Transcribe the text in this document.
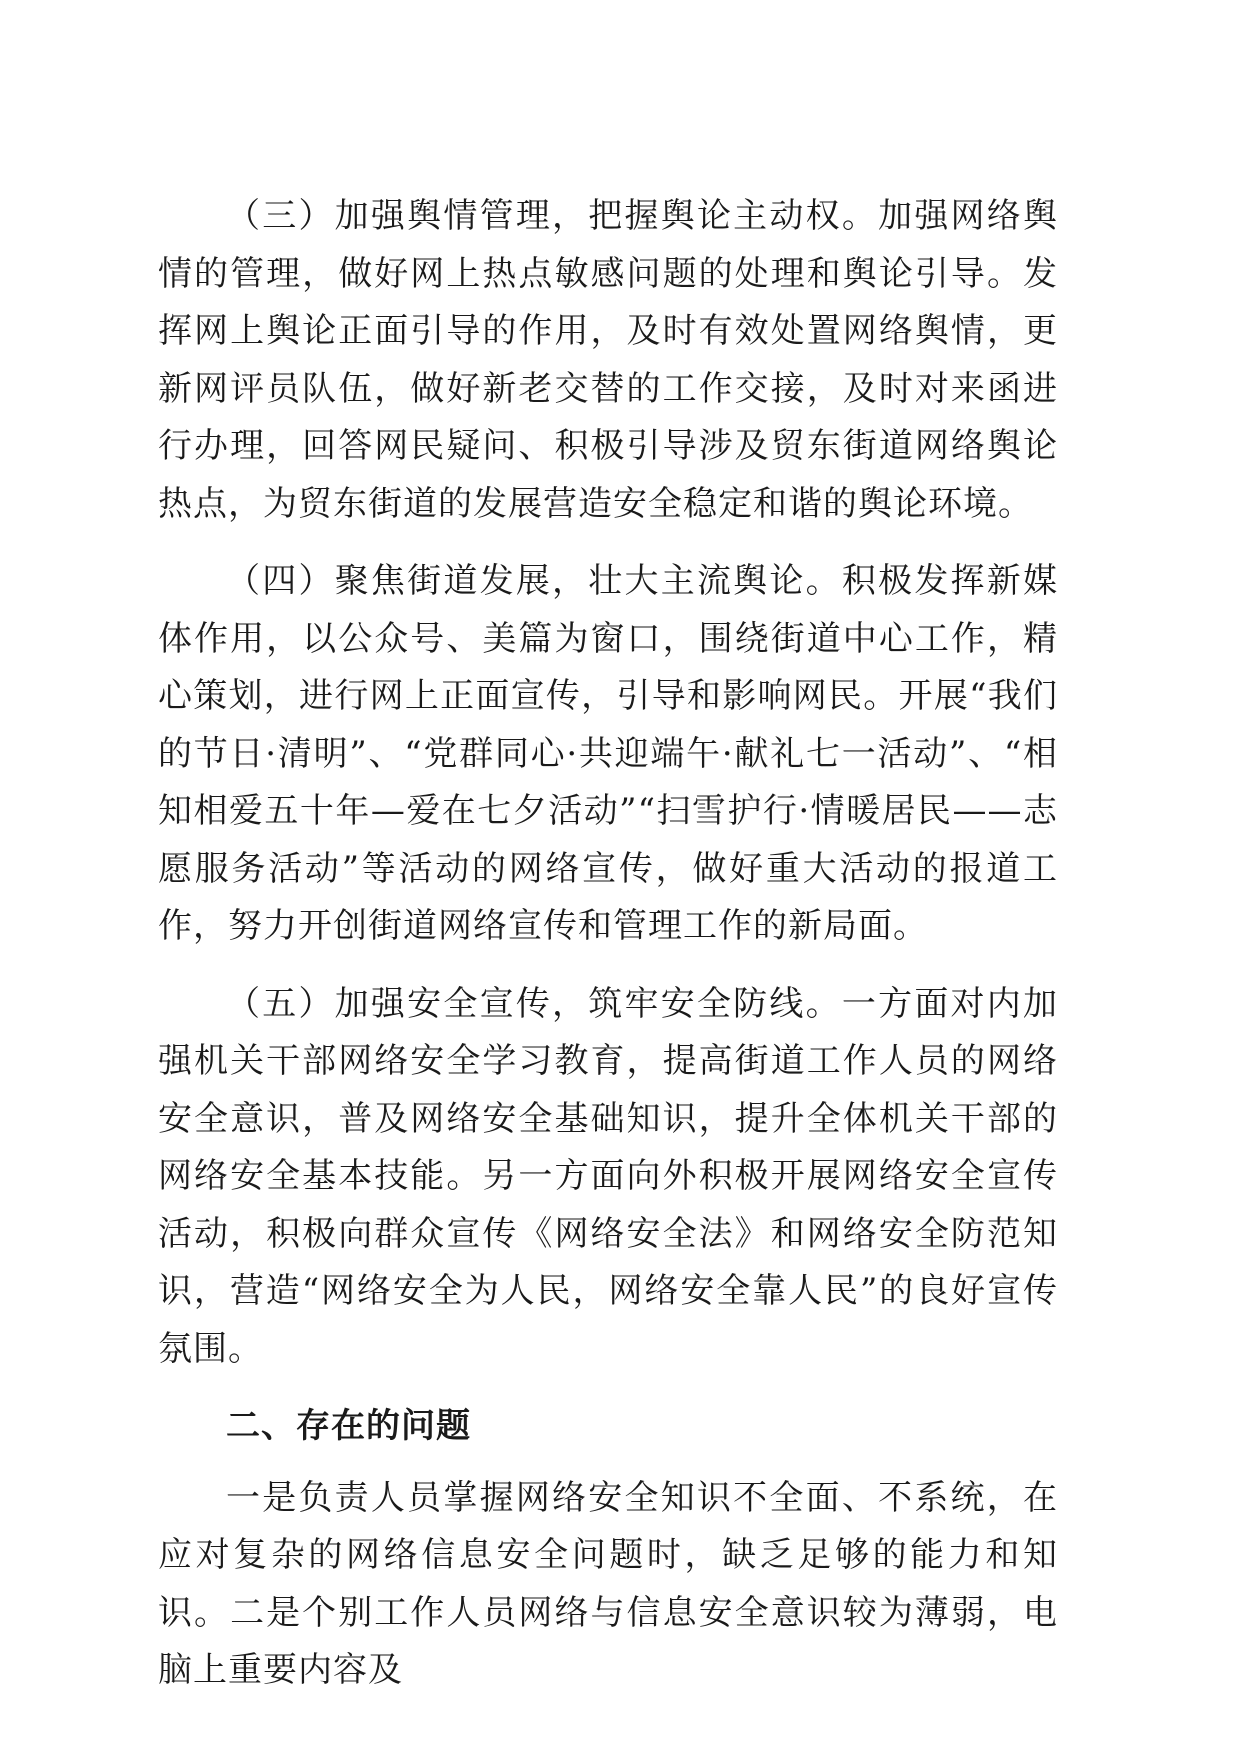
（三）加强舆情管理，把握舆论主动权。加强网络舆情的管理，做好网上热点敏感问题的处理和舆论引导。发挥网上舆论正面引导的作用，及时有效处置网络舆情，更新网评员队伍，做好新老交替的工作交接，及时对来函进行办理，回答网民疑问、积极引导涉及贸东街道网络舆论热点，为贸东街道的发展营造安全稳定和谐的舆论环境。

（四）聚焦街道发展，壮大主流舆论。积极发挥新媒体作用，以公众号、美篇为窗口，围绕街道中心工作，精心策划，进行网上正面宣传，引导和影响网民。开展“我们的节日·清明”、“党群同心·共迎端午·献礼七一活动”、“相知相爱五十年—爱在七夕活动”“扫雪护行·情暖居民——志愿服务活动”等活动的网络宣传，做好重大活动的报道工作，努力开创街道网络宣传和管理工作的新局面。

（五）加强安全宣传，筑牢安全防线。一方面对内加强机关干部网络安全学习教育，提高街道工作人员的网络安全意识，普及网络安全基础知识，提升全体机关干部的网络安全基本技能。另一方面向外积极开展网络安全宣传活动，积极向群众宣传《网络安全法》和网络安全防范知识，营造“网络安全为人民，网络安全靠人民”的良好宣传氛围。

二、存在的问题

一是负责人员掌握网络安全知识不全面、不系统，在应对复杂的网络信息安全问题时，缺乏足够的能力和知识。二是个别工作人员网络与信息安全意识较为薄弱，电脑上重要内容及
